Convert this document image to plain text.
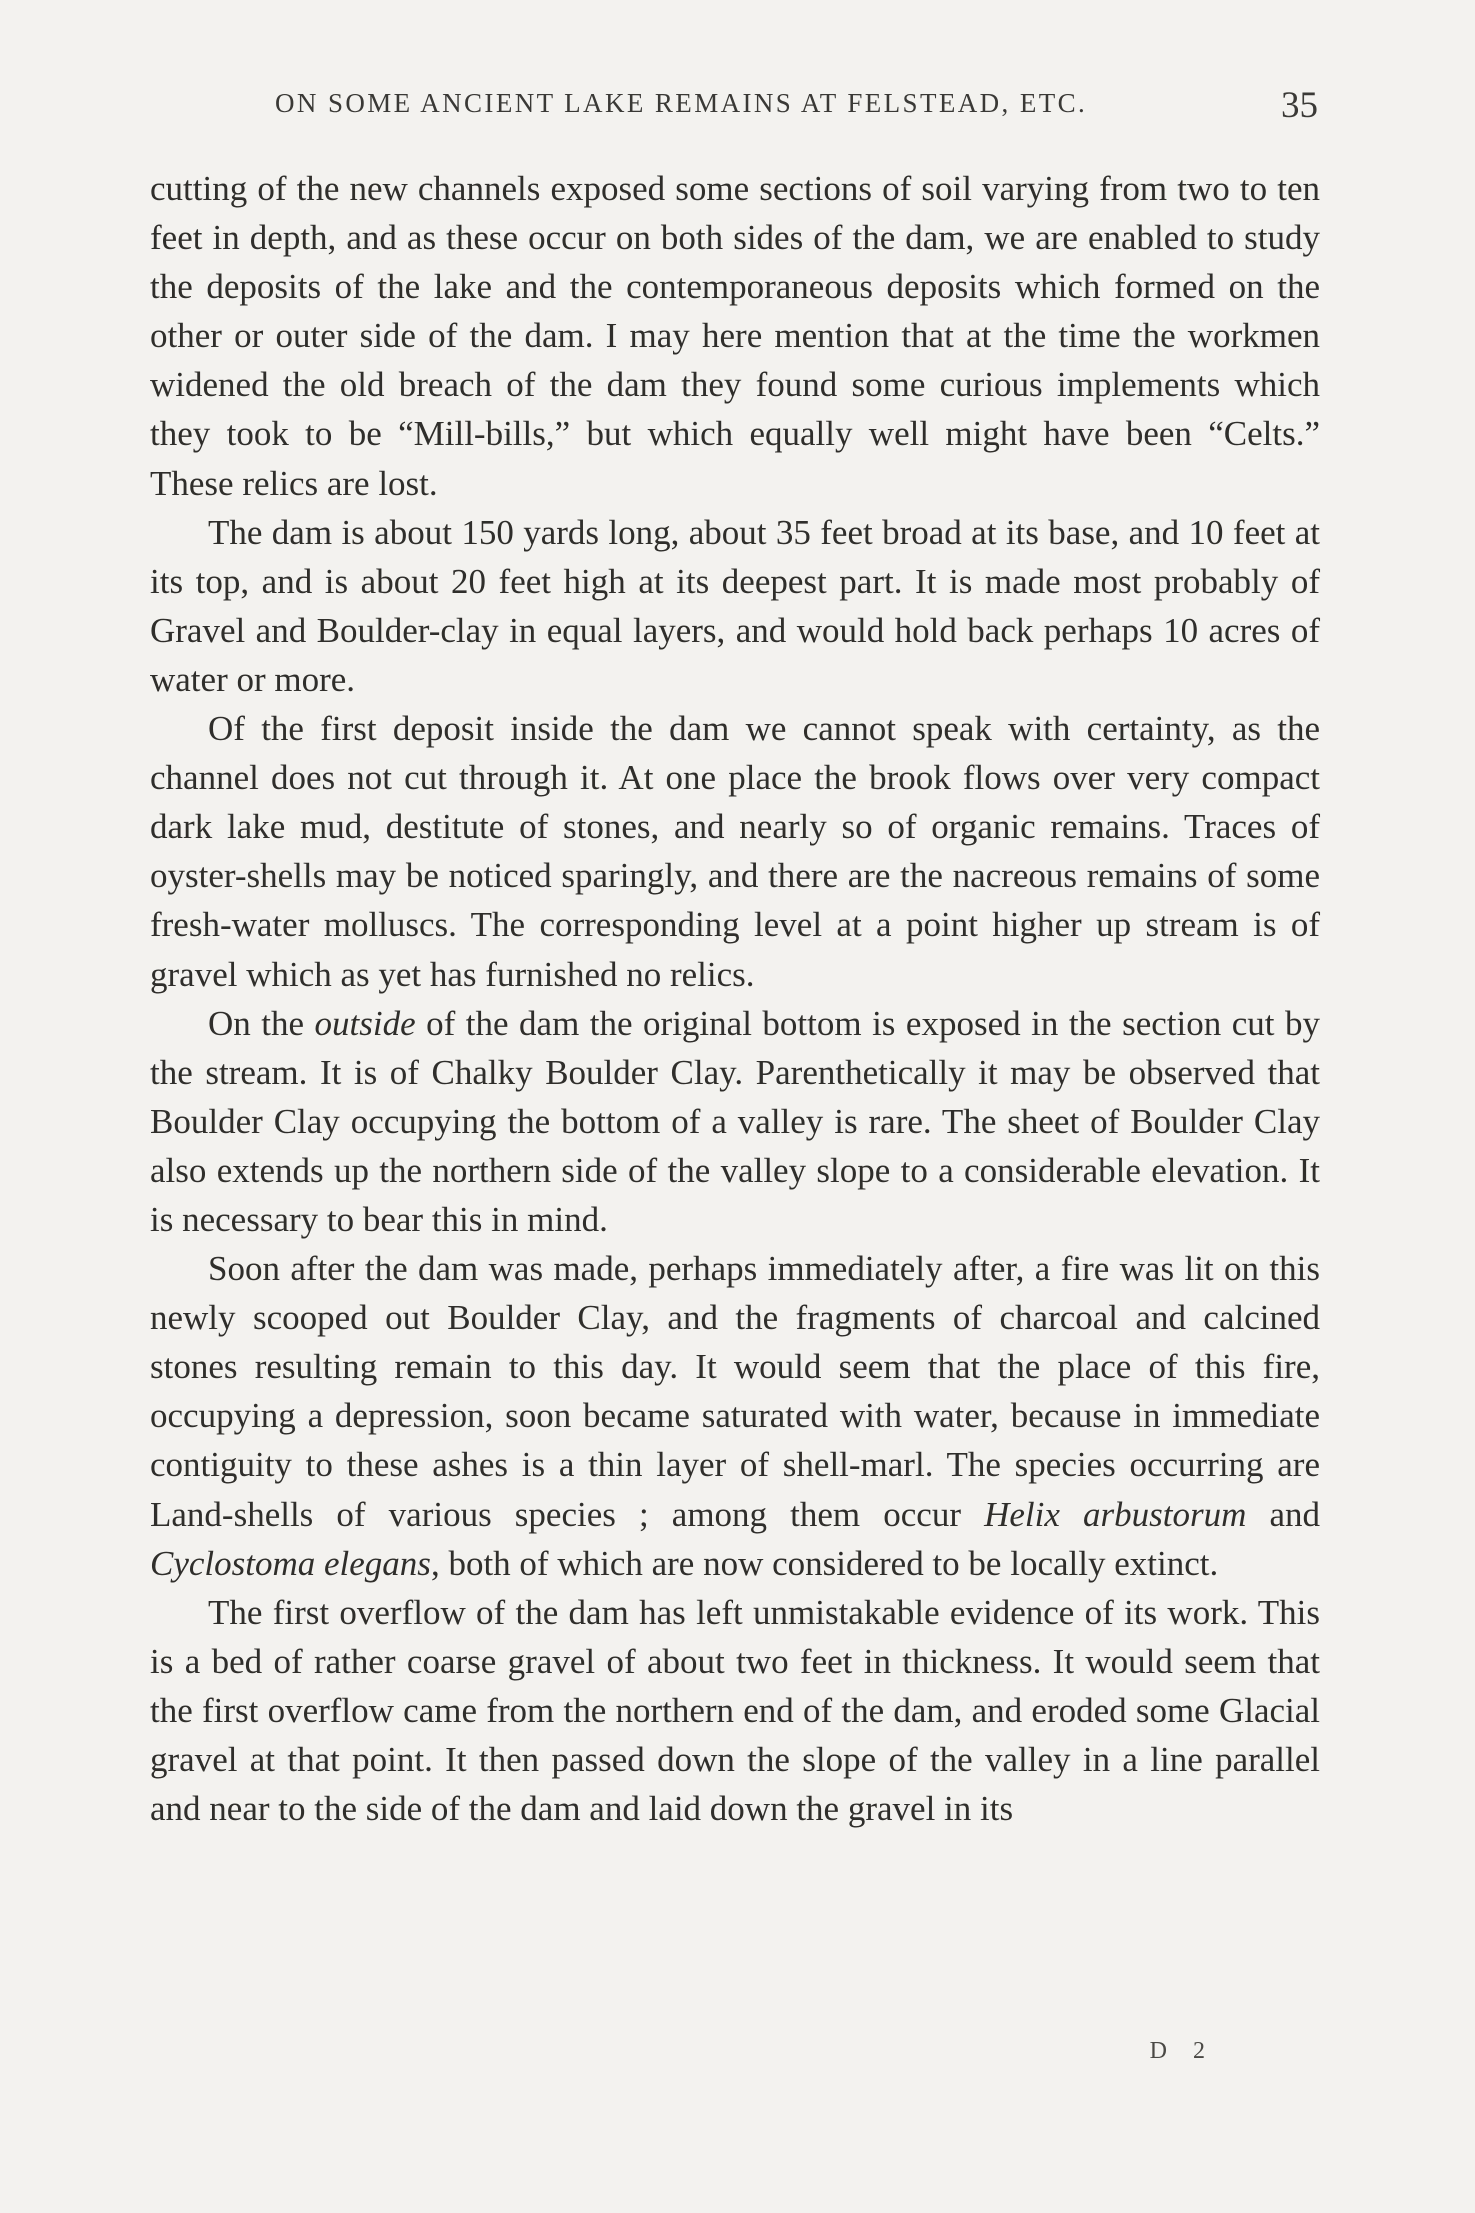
ON SOME ANCIENT LAKE REMAINS AT FELSTEAD, ETC.	35

cutting of the new channels exposed some sections of soil varying from two to ten feet in depth, and as these occur on both sides of the dam, we are enabled to study the deposits of the lake and the contemporaneous deposits which formed on the other or outer side of the dam. I may here mention that at the time the workmen widened the old breach of the dam they found some curious implements which they took to be “Mill-bills,” but which equally well might have been “Celts.” These relics are lost.

The dam is about 150 yards long, about 35 feet broad at its base, and 10 feet at its top, and is about 20 feet high at its deepest part. It is made most probably of Gravel and Boulder-clay in equal layers, and would hold back perhaps 10 acres of water or more.

Of the first deposit inside the dam we cannot speak with certainty, as the channel does not cut through it. At one place the brook flows over very compact dark lake mud, destitute of stones, and nearly so of organic remains. Traces of oyster-shells may be noticed sparingly, and there are the nacreous remains of some fresh-water molluscs. The corresponding level at a point higher up stream is of gravel which as yet has furnished no relics.

On the outside of the dam the original bottom is exposed in the section cut by the stream. It is of Chalky Boulder Clay. Parenthetically it may be observed that Boulder Clay occupying the bottom of a valley is rare. The sheet of Boulder Clay also extends up the northern side of the valley slope to a considerable elevation. It is necessary to bear this in mind.

Soon after the dam was made, perhaps immediately after, a fire was lit on this newly scooped out Boulder Clay, and the fragments of charcoal and calcined stones resulting remain to this day. It would seem that the place of this fire, occupying a depression, soon became saturated with water, because in immediate contiguity to these ashes is a thin layer of shell-marl. The species occurring are Land-shells of various species ; among them occur Helix arbustorum and Cyclostoma elegans, both of which are now considered to be locally extinct.

The first overflow of the dam has left unmistakable evidence of its work. This is a bed of rather coarse gravel of about two feet in thickness. It would seem that the first overflow came from the northern end of the dam, and eroded some Glacial gravel at that point. It then passed down the slope of the valley in a line parallel and near to the side of the dam and laid down the gravel in its

D 2
